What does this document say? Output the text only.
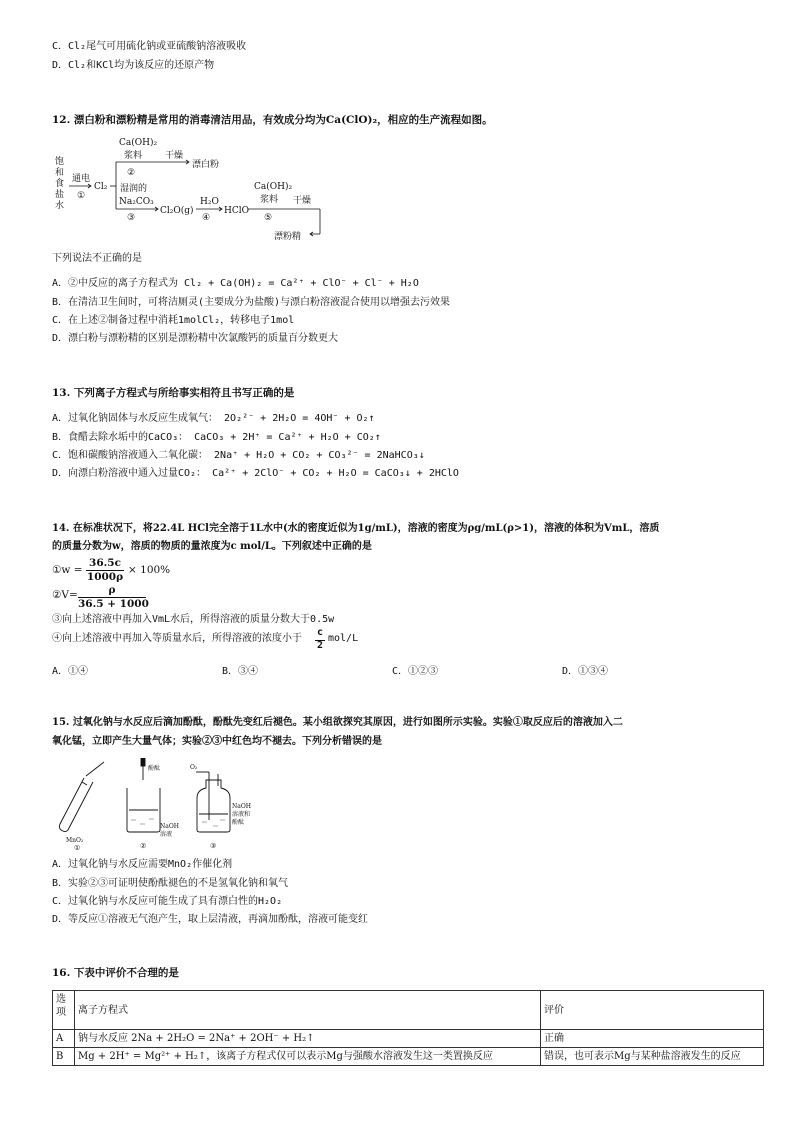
C．Cl₂尾气可用硫化钠或亚硫酸钠溶液吸收
D．Cl₂和KCl均为该反应的还原产物
12. 漂白粉和漂粉精是常用的消毒清洁用品，有效成分均为Ca(ClO)₂，相应的生产流程如图。
饱
和
食
盐
水
通电
①
Cl₂
Ca(OH)₂
浆料
②
干燥
漂白粉
湿润的
Na₂CO₃
③
Cl₂O(g)
H₂O
④
HClO
Ca(OH)₂
浆料
⑤
干燥
漂粉精
下列说法不正确的是
A．②中反应的离子方程式为 Cl₂ + Ca(OH)₂ = Ca²⁺ + ClO⁻ + Cl⁻ + H₂O
B．在清洁卫生间时，可将洁厕灵(主要成分为盐酸)与漂白粉溶液混合使用以增强去污效果
C．在上述②制备过程中消耗1molCl₂，转移电子1mol
D．漂白粉与漂粉精的区别是漂粉精中次氯酸钙的质量百分数更大
13. 下列离子方程式与所给事实相符且书写正确的是
A．过氧化钠固体与水反应生成氧气： 2O₂²⁻ + 2H₂O = 4OH⁻ + O₂↑
B．食醋去除水垢中的CaCO₃： CaCO₃ + 2H⁺ = Ca²⁺ + H₂O + CO₂↑
C．饱和碳酸钠溶液通入二氧化碳： 2Na⁺ + H₂O + CO₂ + CO₃²⁻ = 2NaHCO₃↓
D．向漂白粉溶液中通入过量CO₂： Ca²⁺ + 2ClO⁻ + CO₂ + H₂O = CaCO₃↓ + 2HClO
14. 在标准状况下，将22.4L HCl完全溶于1L水中(水的密度近似为1g/mL)，溶液的密度为ρg/mL(ρ>1)，溶液的体积为VmL，溶质
的质量分数为w，溶质的物质的量浓度为c mol/L。下列叙述中正确的是
①w =
36.5c
1000ρ
× 100%
②V=	ρ
36.5 + 1000
③向上述溶液中再加入VmL水后，所得溶液的质量分数大于0.5w
④向上述溶液中再加入等质量水后，所得溶液的浓度小于
c
2
mol/L
A．①④	B．③④	C．①②③	D．①③④
15. 过氧化钠与水反应后滴加酚酞，酚酞先变红后褪色。某小组欲探究其原因，进行如图所示实验。实验①取反应后的溶液加入二
氧化锰，立即产生大量气体；实验②③中红色均不褪去。下列分析错误的是
MnO₂
①
酚酞
NaOH
溶液
②
O₂
NaOH
溶液和
酚酞
③
A．过氧化钠与水反应需要MnO₂作催化剂
B．实验②③可证明使酚酞褪色的不是氢氧化钠和氧气
C．过氧化钠与水反应可能生成了具有漂白性的H₂O₂
D．等反应①溶液无气泡产生，取上层清液，再滴加酚酞，溶液可能变红
16. 下表中评价不合理的是
选项	离子方程式	评价
A	钠与水反应 2Na + 2H₂O = 2Na⁺ + 2OH⁻ + H₂↑	正确
B	Mg + 2H⁺ = Mg²⁺ + H₂↑，该离子方程式仅可以表示Mg与强酸水溶液发生这一类置换反应	错误，也可表示Mg与某种盐溶液发生的反应
